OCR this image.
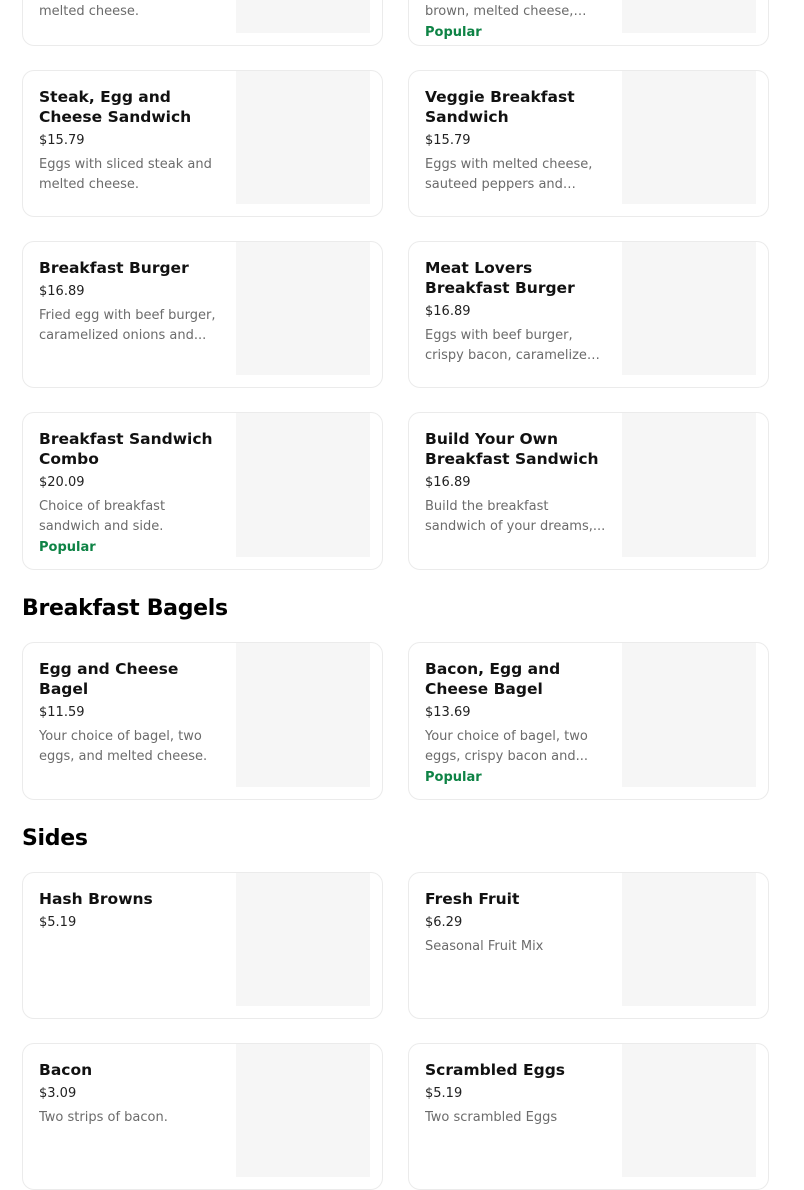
melted cheese.	brown, melted cheese,
Popular
Steak, Egg and Cheese Sandwich
$15.79
Eggs with sliced steak and melted cheese.
Veggie Breakfast Sandwich
$15.79
Eggs with melted cheese, sauteed peppers and
Breakfast Burger
$16.89
Fried egg with beef burger, caramelized onions and...
Meat Lovers Breakfast Burger
$16.89
Eggs with beef burger, crispy bacon, caramelized
Breakfast Sandwich Combo
$20.09
Choice of breakfast sandwich and side.
Popular
Build Your Own Breakfast Sandwich
$16.89
Build the breakfast sandwich of your dreams,...
Breakfast Bagels
Egg and Cheese Bagel
$11.59
Your choice of bagel, two eggs, and melted cheese.
Bacon, Egg and Cheese Bagel
$13.69
Your choice of bagel, two eggs, crispy bacon and...
Popular
Sides
Hash Browns
$5.19
Fresh Fruit
$6.29
Seasonal Fruit Mix
Bacon
$3.09
Two strips of bacon.
Scrambled Eggs
$5.19
Two scrambled Eggs
